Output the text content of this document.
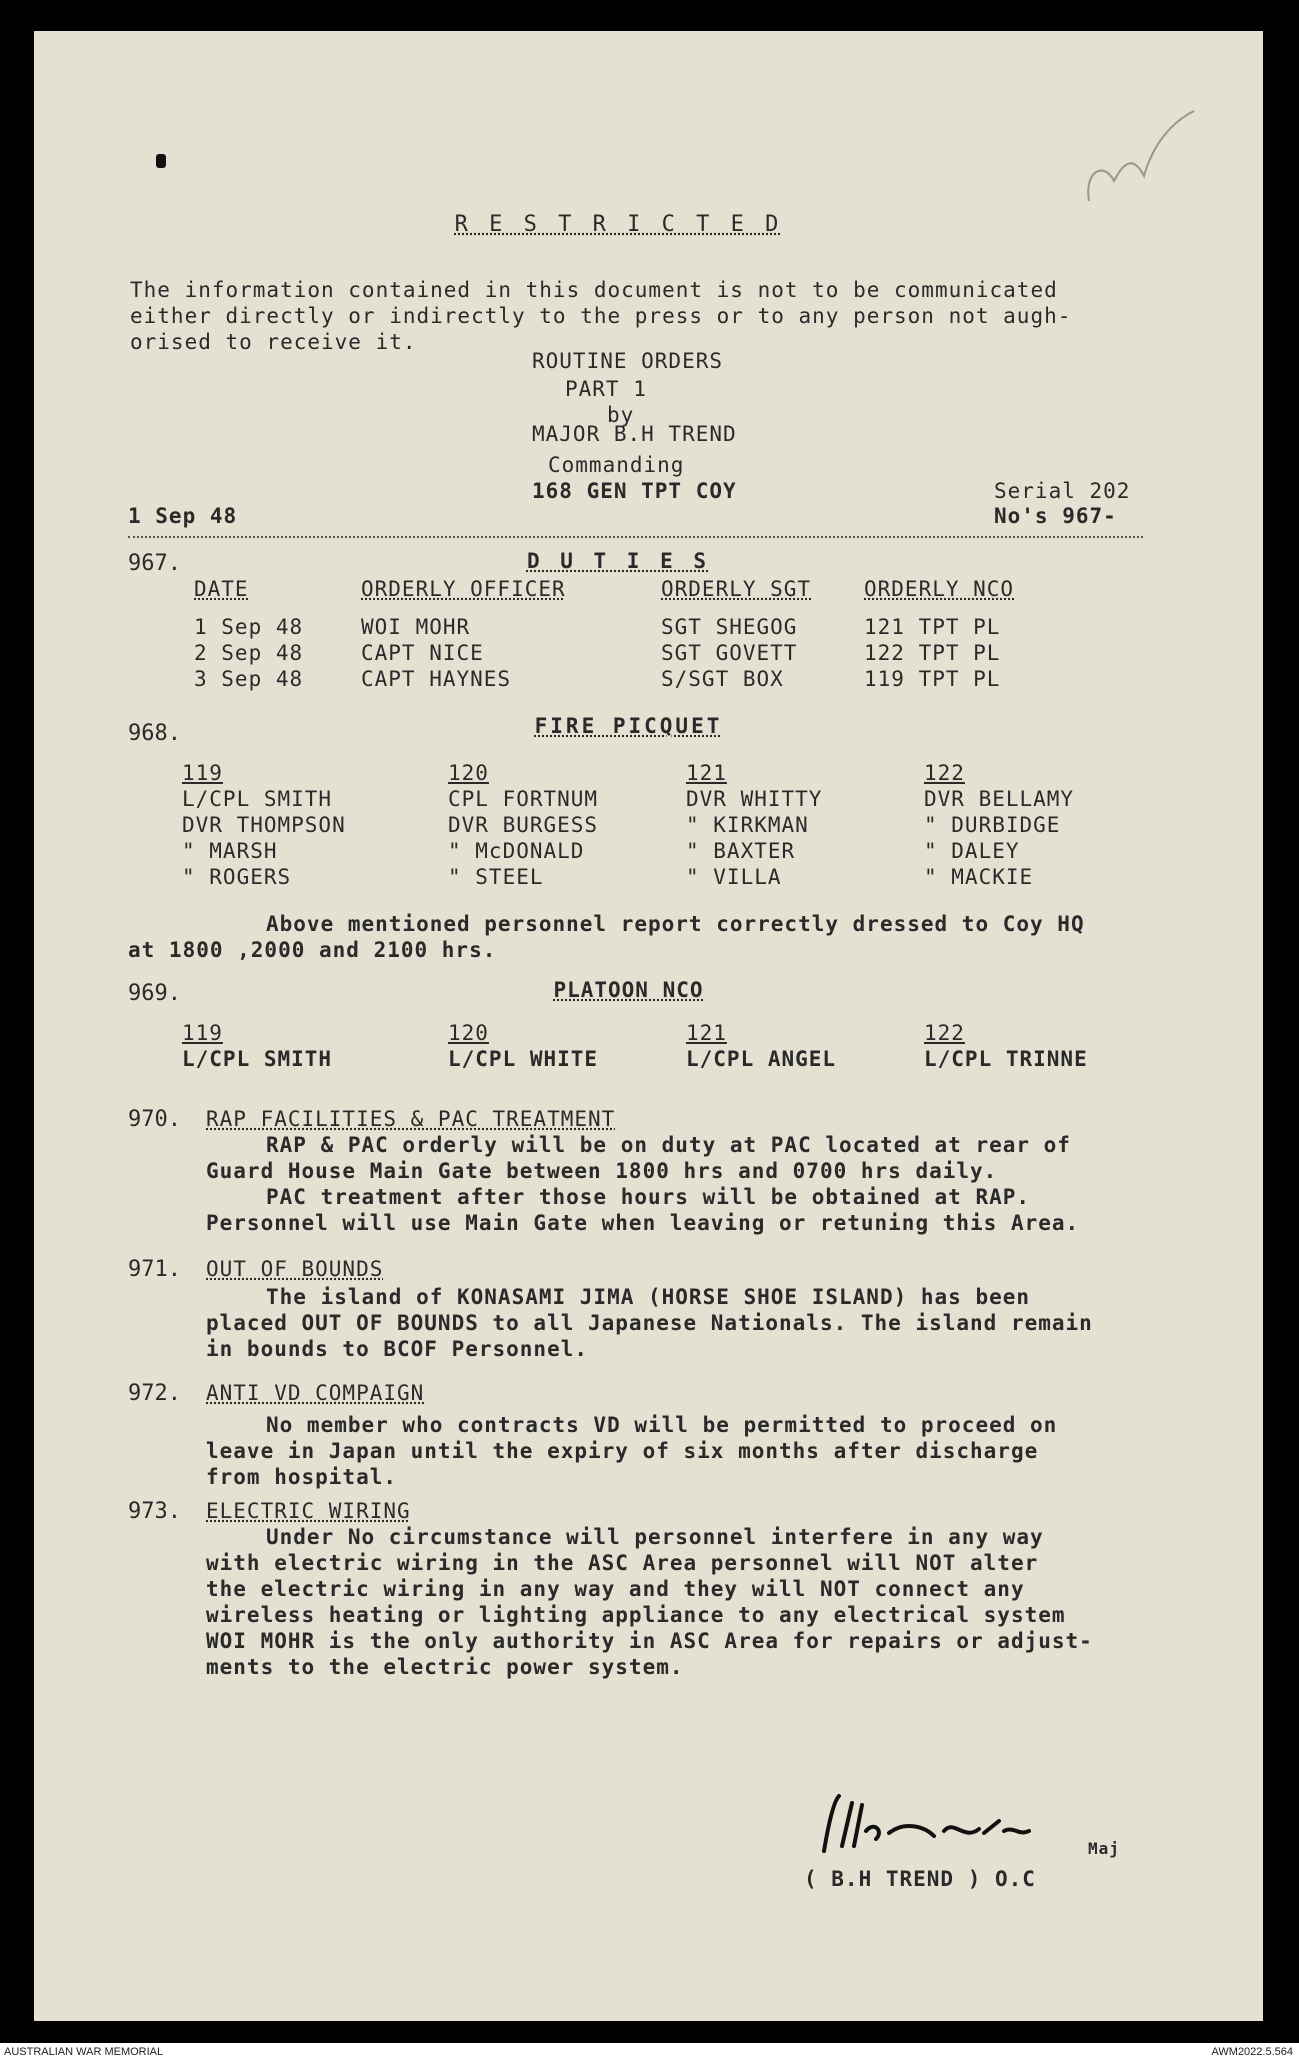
R E S T R I C T E D
The information contained in this document is not to be communicated
either directly or indirectly to the press or to any person not augh-
orised to receive it.
ROUTINE ORDERS
PART 1
by
MAJOR B.H TREND
Commanding
168 GEN TPT COY
1 Sep 48
Serial 202
No's 967-
967.	D U T I E S
DATE	ORDERLY OFFICER	ORDERLY SGT	ORDERLY NCO
1 Sep 48	WOI MOHR	SGT SHEGOG	121 TPT PL
2 Sep 48	CAPT NICE	SGT GOVETT	122 TPT PL
3 Sep 48	CAPT HAYNES	S/SGT BOX	119 TPT PL
968.	FIRE PICQUET
119	120	121	122
L/CPL SMITH	CPL FORTNUM	DVR WHITTY	DVR BELLAMY
DVR THOMPSON	DVR BURGESS	" KIRKMAN	" DURBIDGE
" MARSH	" McDONALD	" BAXTER	" DALEY
" ROGERS	" STEEL	" VILLA	" MACKIE
Above mentioned personnel report correctly dressed to Coy HQ
at 1800 ,2000 and 2100 hrs.
969.	PLATOON NCO
119	120	121	122
L/CPL SMITH	L/CPL WHITE	L/CPL ANGEL	L/CPL TRINNE
970. RAP FACILITIES & PAC TREATMENT
RAP & PAC orderly will be on duty at PAC located at rear of
Guard House Main Gate between 1800 hrs and 0700 hrs daily.
PAC treatment after those hours will be obtained at RAP.
Personnel will use Main Gate when leaving or retuning this Area.
971. OUT OF BOUNDS
The island of KONASAMI JIMA (HORSE SHOE ISLAND) has been
placed OUT OF BOUNDS to all Japanese Nationals. The island remain
in bounds to BCOF Personnel.
972. ANTI VD COMPAIGN
No member who contracts VD will be permitted to proceed on
leave in Japan until the expiry of six months after discharge
from hospital.
973. ELECTRIC WIRING
Under No circumstance will personnel interfere in any way
with electric wiring in the ASC Area personnel will NOT alter
the electric wiring in any way and they will NOT connect any
wireless heating or lighting appliance to any electrical system
WOI MOHR is the only authority in ASC Area for repairs or adjust-
ments to the electric power system.
Maj
( B.H TREND ) O.C
AUSTRALIAN WAR MEMORIAL	AWM2022.5.564
